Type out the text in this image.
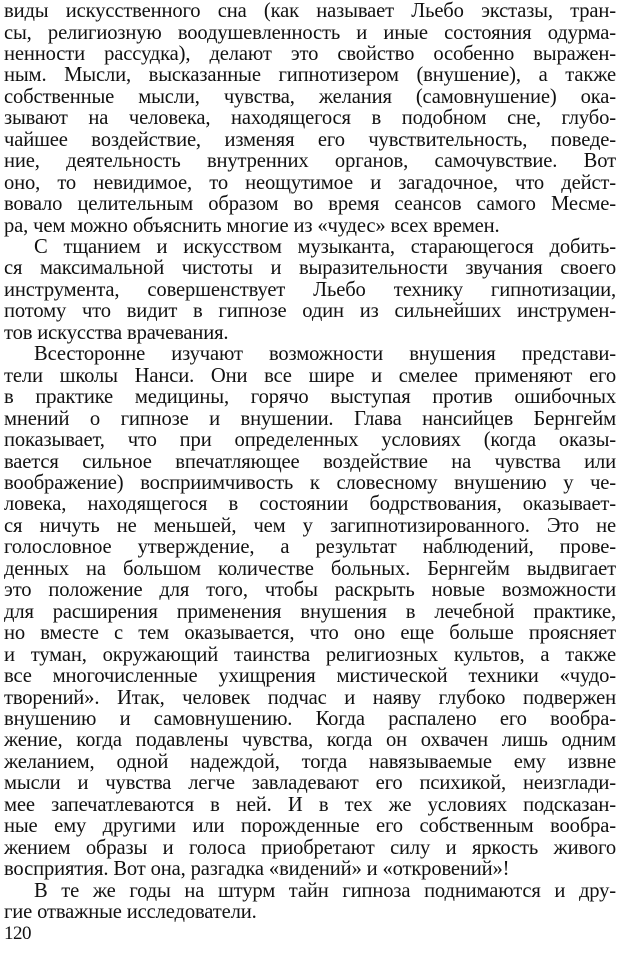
виды искусственного сна (как называет Льебо экстазы, тран-
сы, религиозную воодушевленность и иные состояния одурма-
ненности рассудка), делают это свойство особенно выражен-
ным. Мысли, высказанные гипнотизером (внушение), а также
собственные мысли, чувства, желания (самовнушение) ока-
зывают на человека, находящегося в подобном сне, глубо-
чайшее воздействие, изменяя его чувствительность, поведе-
ние, деятельность внутренних органов, самочувствие. Вот
оно, то невидимое, то неощутимое и загадочное, что дейст-
вовало целительным образом во время сеансов самого Месме-
ра, чем можно объяснить многие из «чудес» всех времен.
С тщанием и искусством музыканта, старающегося добить-
ся максимальной чистоты и выразительности звучания своего
инструмента, совершенствует Льебо технику гипнотизации,
потому что видит в гипнозе один из сильнейших инструмен-
тов искусства врачевания.
Всесторонне изучают возможности внушения представи-
тели школы Нанси. Они все шире и смелее применяют его
в практике медицины, горячо выступая против ошибочных
мнений о гипнозе и внушении. Глава нансийцев Бернгейм
показывает, что при определенных условиях (когда оказы-
вается сильное впечатляющее воздействие на чувства или
воображение) восприимчивость к словесному внушению у че-
ловека, находящегося в состоянии бодрствования, оказывает-
ся ничуть не меньшей, чем у загипнотизированного. Это не
голословное утверждение, а результат наблюдений, прове-
денных на большом количестве больных. Бернгейм выдвигает
это положение для того, чтобы раскрыть новые возможности
для расширения применения внушения в лечебной практике,
но вместе с тем оказывается, что оно еще больше проясняет
и туман, окружающий таинства религиозных культов, а также
все многочисленные ухищрения мистической техники «чудо-
творений». Итак, человек подчас и наяву глубоко подвержен
внушению и самовнушению. Когда распалено его вообра-
жение, когда подавлены чувства, когда он охвачен лишь одним
желанием, одной надеждой, тогда навязываемые ему извне
мысли и чувства легче завладевают его психикой, неизглади-
мее запечатлеваются в ней. И в тех же условиях подсказан-
ные ему другими или порожденные его собственным вообра-
жением образы и голоса приобретают силу и яркость живого
восприятия. Вот она, разгадка «видений» и «откровений»!
В те же годы на штурм тайн гипноза поднимаются и дру-
гие отважные исследователи.
120
